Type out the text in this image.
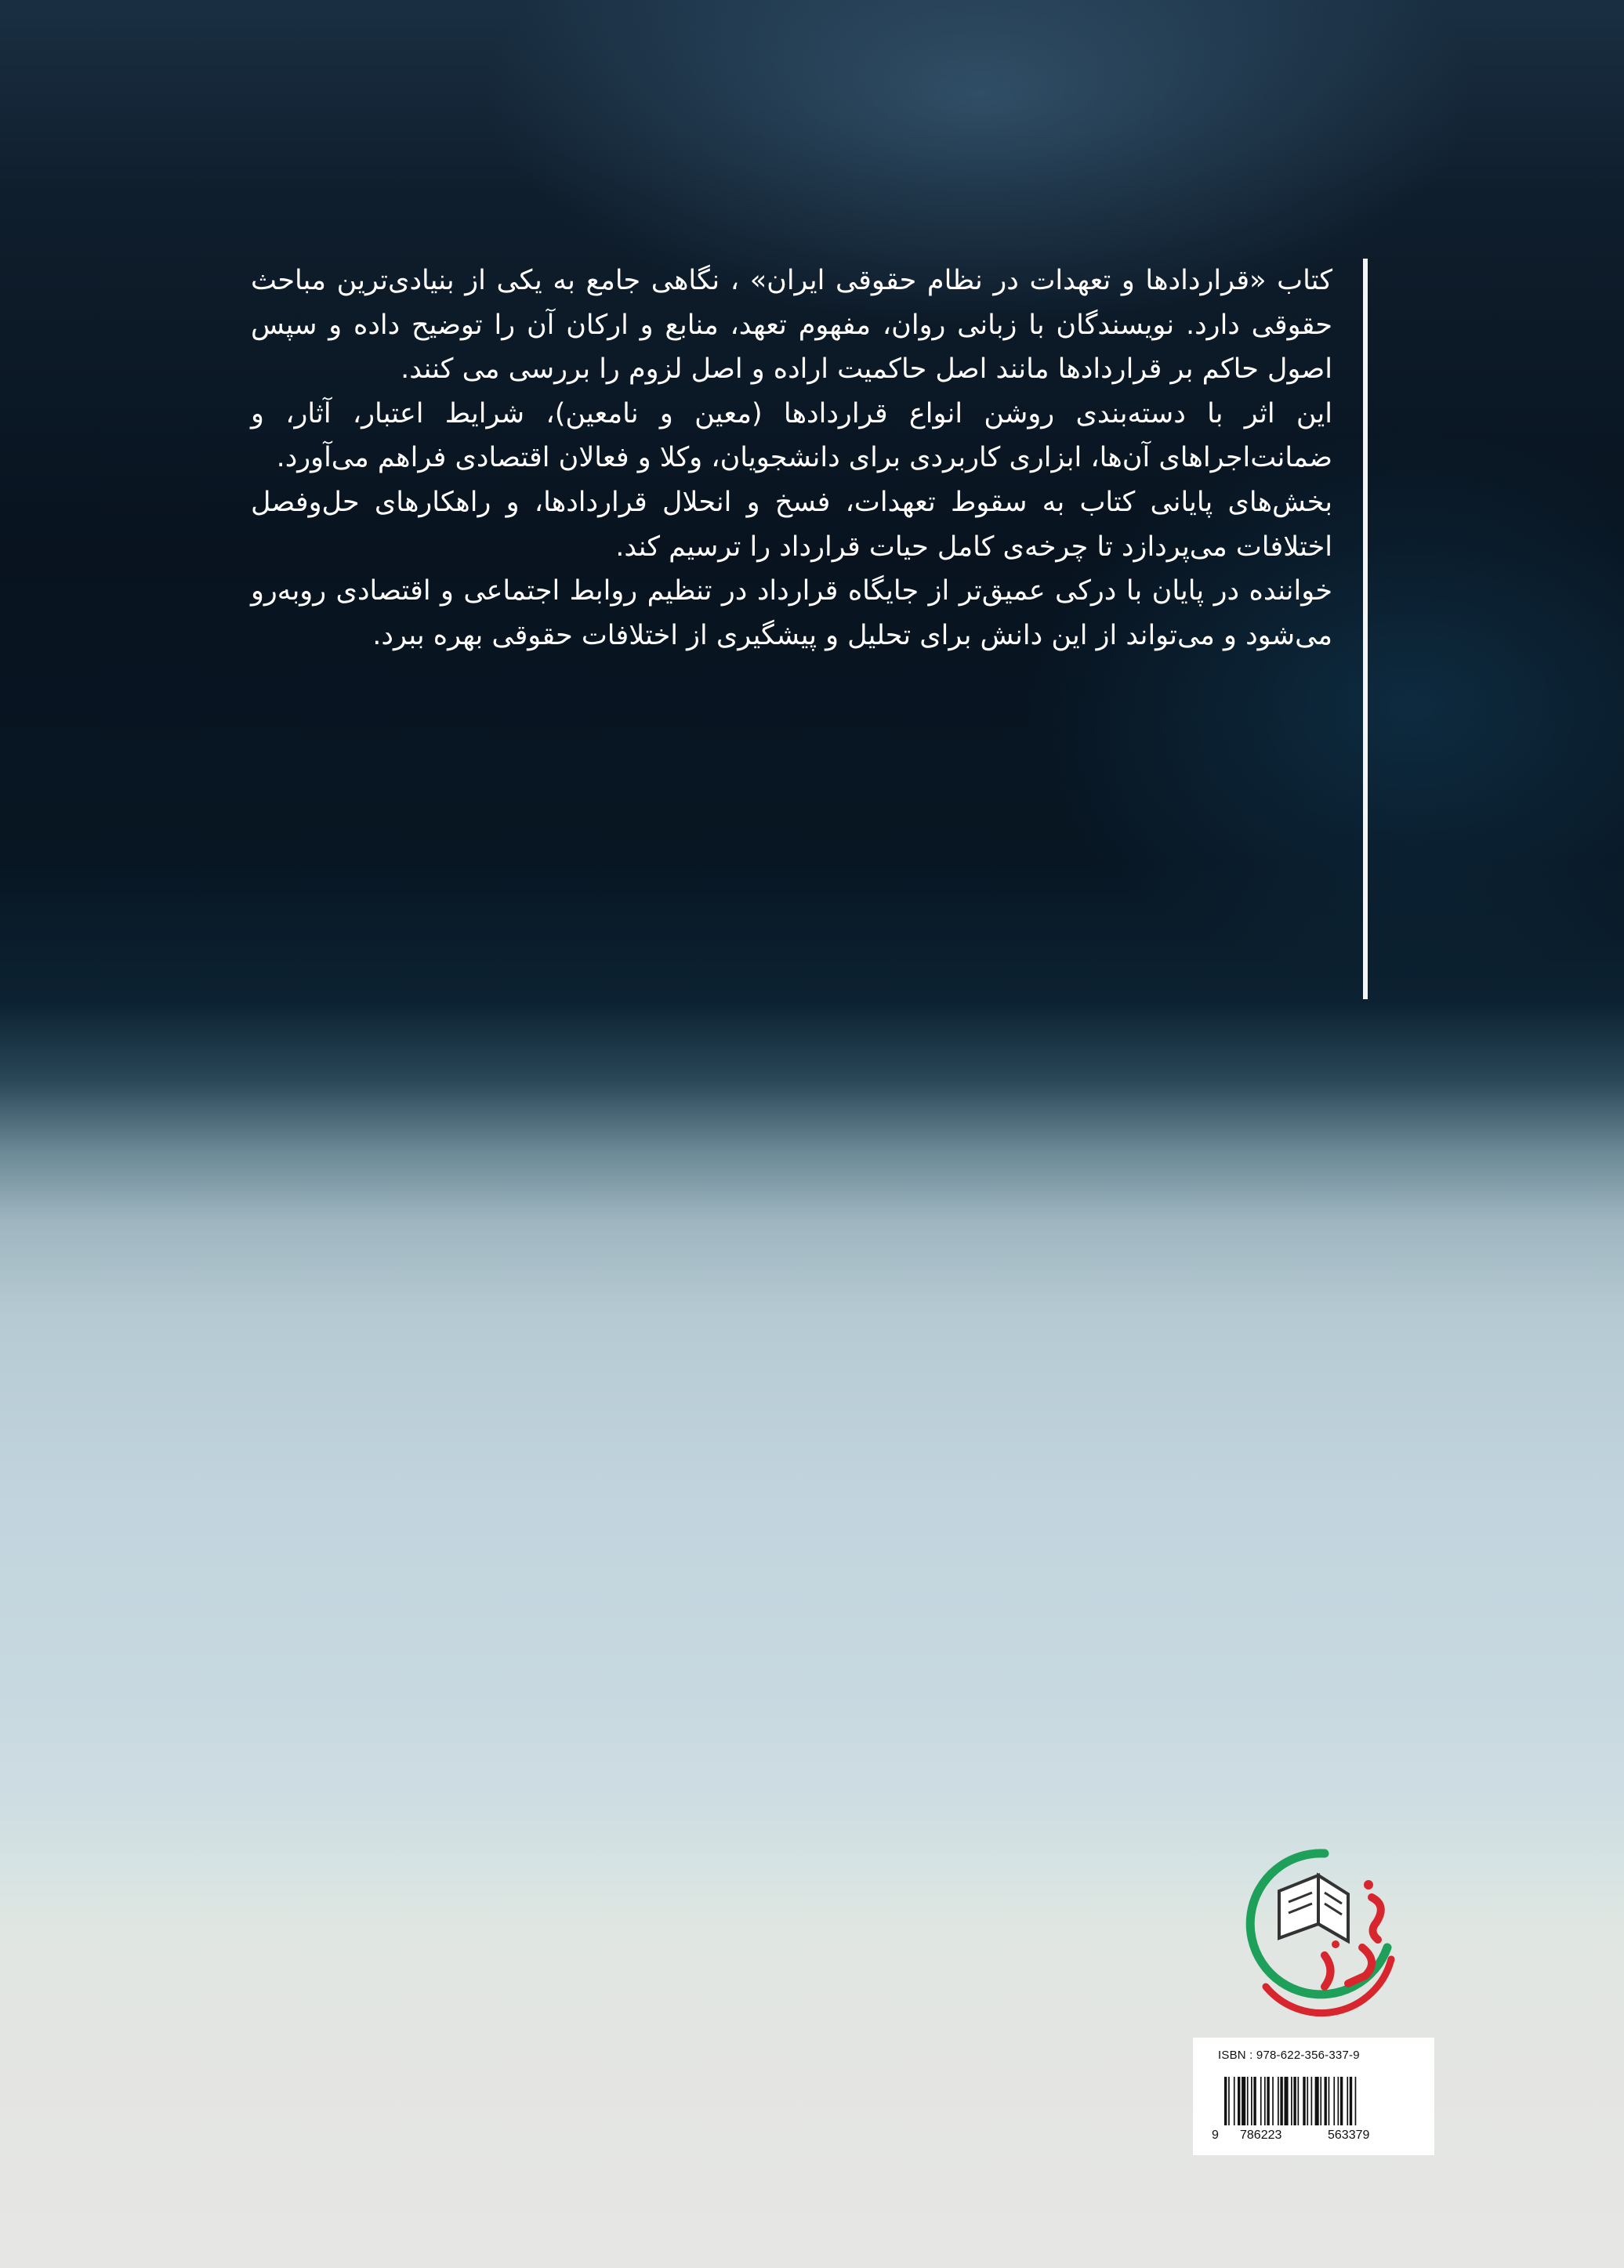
کتاب «قراردادها و تعهدات در نظام حقوقی ایران» ، نگاهی جامع به یکی از بنیادی‌ترین مباحث حقوقی دارد. نویسندگان با زبانی روان، مفهوم تعهد، منابع و ارکان آن را توضیح داده و سپس اصول حاکم بر قراردادها مانند اصل حاکمیت اراده و اصل لزوم را بررسی می کنند.

این اثر با دسته‌بندی روشن انواع قراردادها (معین و نامعین)، شرایط اعتبار، آثار، و ضمانت‌اجراهای آن‌ها، ابزاری کاربردی برای دانشجویان، وکلا و فعالان اقتصادی فراهم می‌آورد.

بخش‌های پایانی کتاب به سقوط تعهدات، فسخ و انحلال قراردادها، و راهکارهای حل‌وفصل اختلافات می‌پردازد تا چرخه‌ی کامل حیات قرارداد را ترسیم کند.

خواننده در پایان با درکی عمیق‌تر از جایگاه قرارداد در تنظیم روابط اجتماعی و اقتصادی روبه‌رو می‌شود و می‌تواند از این دانش برای تحلیل و پیشگیری از اختلافات حقوقی بهره ببرد.

ISBN : 978-622-356-337-9
9 786223	563379
